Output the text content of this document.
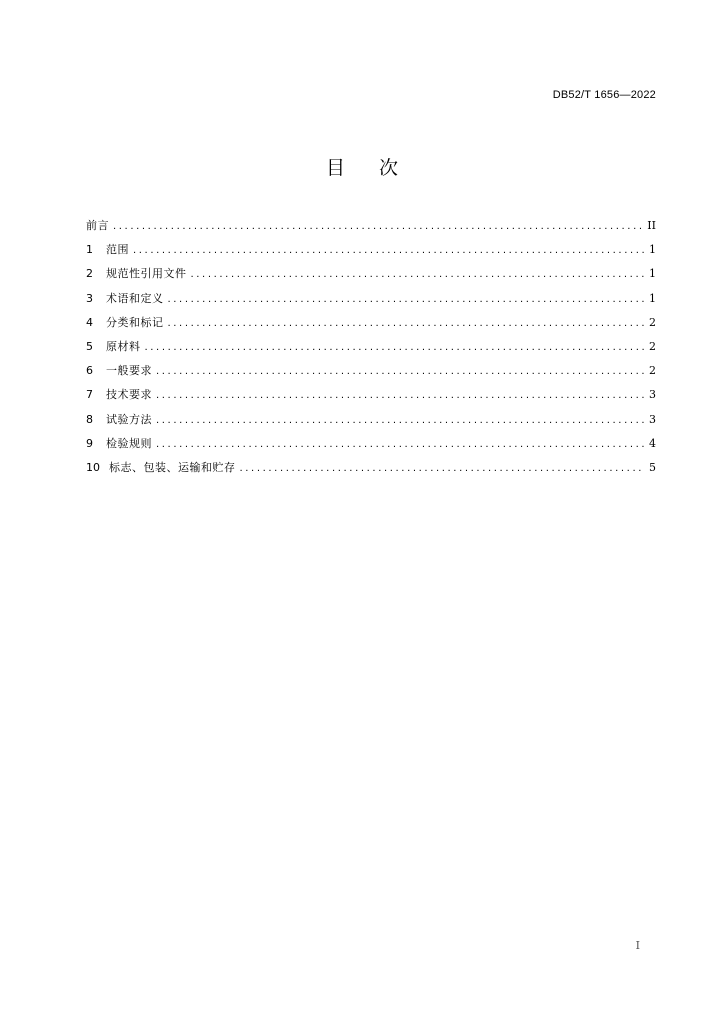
DB52/T 1656—2022
目次
前言 .....	II
1	范围 .....	1
2	规范性引用文件 .....	1
3	术语和定义 .....	1
4	分类和标记 .....	2
5	原材料 .....	2
6	一般要求 .....	2
7	技术要求 .....	3
8	试验方法 .....	3
9	检验规则 .....	4
10 标志、包装、运输和贮存 .....	5
I
